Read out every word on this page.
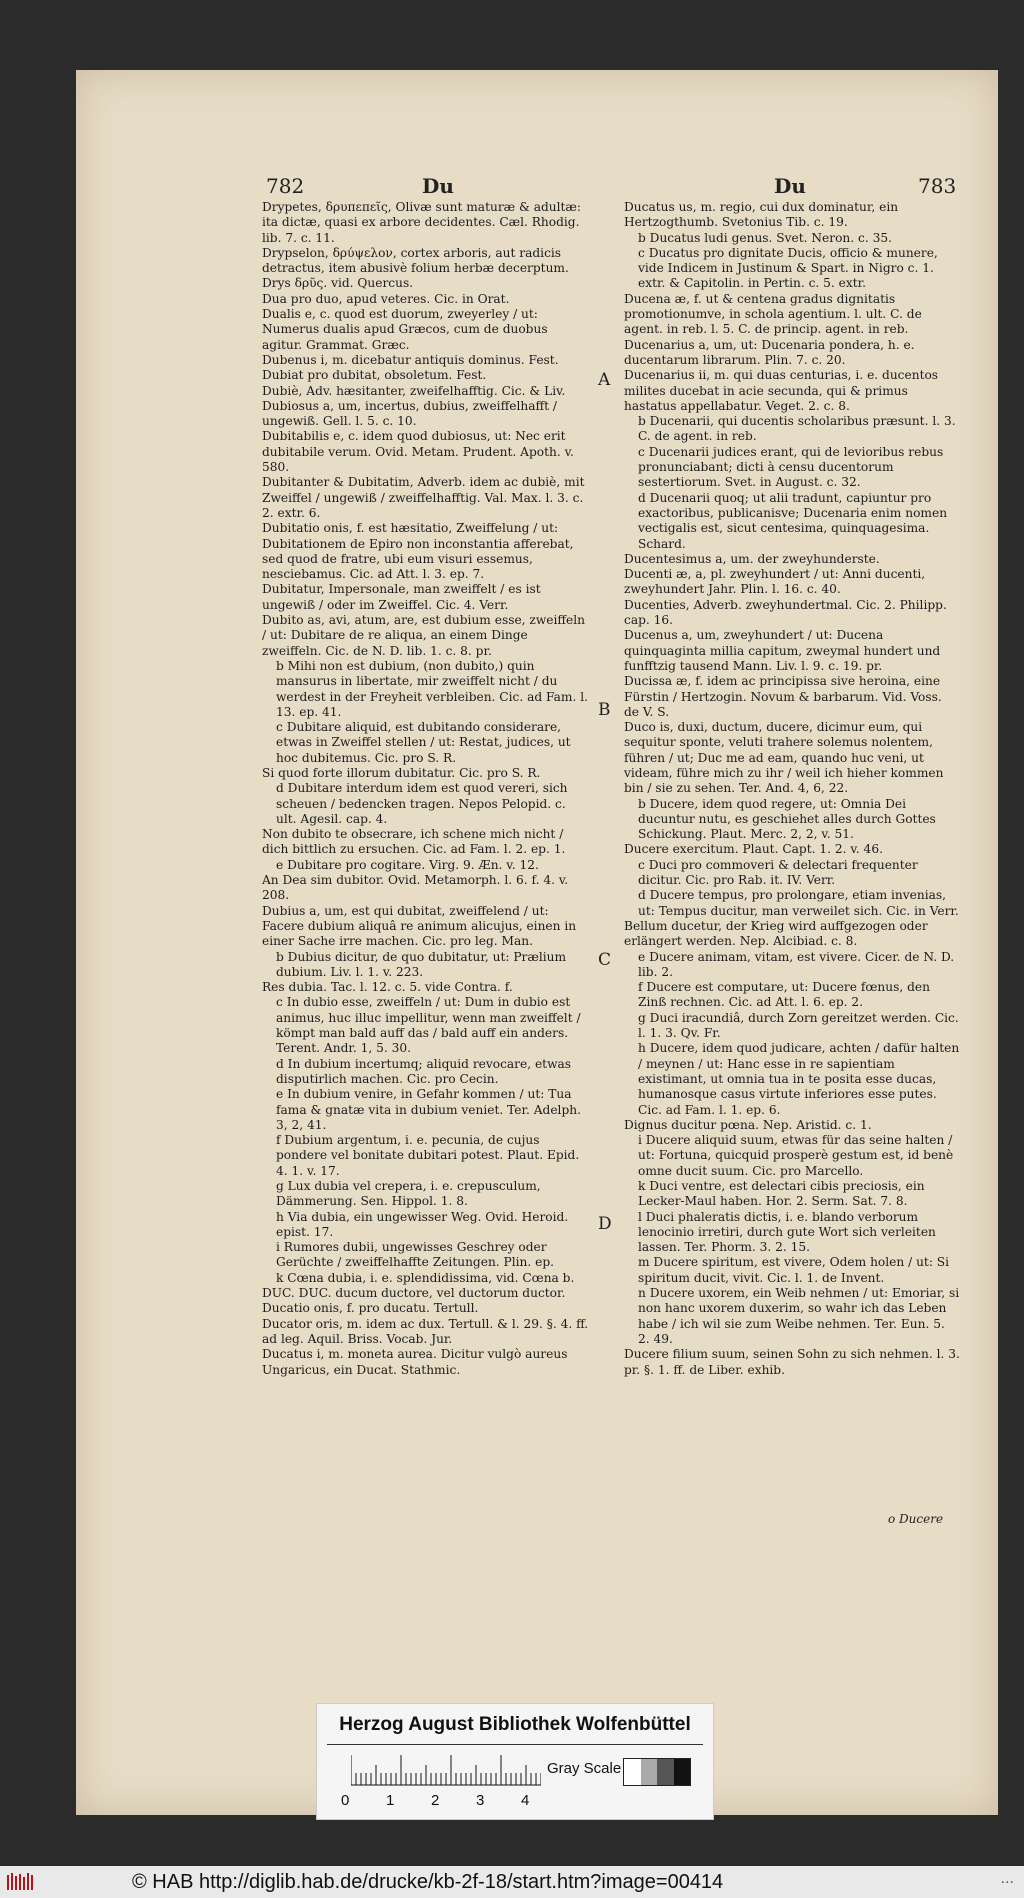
782	Du	Du	783

Drypetes, δρυπεπεῖς, Olivæ sunt maturæ & adultæ: ita dictæ, quasi ex arbore decidentes. Cæl. Rhodig. lib. 7. c. 11.

Drypselon, δρύψελον, cortex arboris, aut radicis detractus, item abusivè folium herbæ decerptum.

Drys δρῦς. vid. Quercus.

Dua pro duo, apud veteres. Cic. in Orat.

Dualis e, c. quod est duorum, zweyerley / ut: Numerus dualis apud Græcos, cum de duobus agitur. Grammat. Græc.

Dubenus i, m. dicebatur antiquis dominus. Fest.

Dubiat pro dubitat, obsoletum. Fest.

Dubiè, Adv. hæsitanter, zweifelhafftig. Cic. & Liv.

Dubiosus a, um, incertus, dubius, zweiffelhafft / ungewiß. Gell. l. 5. c. 10.

Dubitabilis e, c. idem quod dubiosus, ut: Nec erit dubitabile verum. Ovid. Metam. Prudent. Apoth. v. 580.

Dubitanter & Dubitatim, Adverb. idem ac dubiè, mit Zweiffel / ungewiß / zweiffelhafftig. Val. Max. l. 3. c. 2. extr. 6.

Dubitatio onis, f. est hæsitatio, Zweiffelung / ut: Dubitationem de Epiro non inconstantia afferebat, sed quod de fratre, ubi eum visuri essemus, nesciebamus. Cic. ad Att. l. 3. ep. 7.

Dubitatur, Impersonale, man zweiffelt / es ist ungewiß / oder im Zweiffel. Cic. 4. Verr.

Dubito as, avi, atum, are, est dubium esse, zweiffeln / ut: Dubitare de re aliqua, an einem Dinge zweiffeln. Cic. de N. D. lib. 1. c. 8. pr.

b Mihi non est dubium, (non dubito,) quin mansurus in libertate, mir zweiffelt nicht / du werdest in der Freyheit verbleiben. Cic. ad Fam. l. 13. ep. 41.

c Dubitare aliquid, est dubitando considerare, etwas in Zweiffel stellen / ut: Restat, judices, ut hoc dubitemus. Cic. pro S. R.

Si quod forte illorum dubitatur. Cic. pro S. R.

d Dubitare interdum idem est quod vereri, sich scheuen / bedencken tragen. Nepos Pelopid. c. ult. Agesil. cap. 4.

Non dubito te obsecrare, ich schene mich nicht / dich bittlich zu ersuchen. Cic. ad Fam. l. 2. ep. 1.

e Dubitare pro cogitare. Virg. 9. Æn. v. 12.

An Dea sim dubitor. Ovid. Metamorph. l. 6. f. 4. v. 208.

Dubius a, um, est qui dubitat, zweiffelend / ut: Facere dubium aliquâ re animum alicujus, einen in einer Sache irre machen. Cic. pro leg. Man.

b Dubius dicitur, de quo dubitatur, ut: Prælium dubium. Liv. l. 1. v. 223.

Res dubia. Tac. l. 12. c. 5. vide Contra. f.

c In dubio esse, zweiffeln / ut: Dum in dubio est animus, huc illuc impellitur, wenn man zweiffelt / kömpt man bald auff das / bald auff ein anders. Terent. Andr. 1, 5. 30.

d In dubium incertumq; aliquid revocare, etwas disputirlich machen. Cic. pro Cecin.

e In dubium venire, in Gefahr kommen / ut: Tua fama & gnatæ vita in dubium veniet. Ter. Adelph. 3, 2, 41.

f Dubium argentum, i. e. pecunia, de cujus pondere vel bonitate dubitari potest. Plaut. Epid. 4. 1. v. 17.

g Lux dubia vel crepera, i. e. crepusculum, Dämmerung. Sen. Hippol. 1. 8.

h Via dubia, ein ungewisser Weg. Ovid. Heroid. epist. 17.

i Rumores dubii, ungewisses Geschrey oder Gerüchte / zweiffelhaffte Zeitungen. Plin. ep.

k Cœna dubia, i. e. splendidissima, vid. Cœna b.

DUC. DUC. ducum ductore, vel ductorum ductor.

Ducatio onis, f. pro ducatu. Tertull.

Ducator oris, m. idem ac dux. Tertull. & l. 29. §. 4. ff. ad leg. Aquil. Briss. Vocab. Jur.

Ducatus i, m. moneta aurea. Dicitur vulgò aureus Ungaricus, ein Ducat. Stathmic.

Ducatus us, m. regio, cui dux dominatur, ein Hertzogthumb. Svetonius Tib. c. 19.

b Ducatus ludi genus. Svet. Neron. c. 35.

c Ducatus pro dignitate Ducis, officio & munere, vide Indicem in Justinum & Spart. in Nigro c. 1. extr. & Capitolin. in Pertin. c. 5. extr.

Ducena æ, f. ut & centena gradus dignitatis promotionumve, in schola agentium. l. ult. C. de agent. in reb. l. 5. C. de princip. agent. in reb.

Ducenarius a, um, ut: Ducenaria pondera, h. e. ducentarum librarum. Plin. 7. c. 20.

Ducenarius ii, m. qui duas centurias, i. e. ducentos milites ducebat in acie secunda, qui & primus hastatus appellabatur. Veget. 2. c. 8.

b Ducenarii, qui ducentis scholaribus præsunt. l. 3. C. de agent. in reb.

c Ducenarii judices erant, qui de levioribus rebus pronunciabant; dicti à censu ducentorum sestertiorum. Svet. in August. c. 32.

d Ducenarii quoq; ut alii tradunt, capiuntur pro exactoribus, publicanisve; Ducenaria enim nomen vectigalis est, sicut centesima, quinquagesima. Schard.

Ducentesimus a, um. der zweyhunderste.

Ducenti æ, a, pl. zweyhundert / ut: Anni ducenti, zweyhundert Jahr. Plin. l. 16. c. 40.

Ducenties, Adverb. zweyhundertmal. Cic. 2. Philipp. cap. 16.

Ducenus a, um, zweyhundert / ut: Ducena quinquaginta millia capitum, zweymal hundert und funfftzig tausend Mann. Liv. l. 9. c. 19. pr.

Ducissa æ, f. idem ac principissa sive heroina, eine Fürstin / Hertzogin. Novum & barbarum. Vid. Voss. de V. S.

Duco is, duxi, ductum, ducere, dicimur eum, qui sequitur sponte, veluti trahere solemus nolentem, führen / ut; Duc me ad eam, quando huc veni, ut videam, führe mich zu ihr / weil ich hieher kommen bin / sie zu sehen. Ter. And. 4, 6, 22.

b Ducere, idem quod regere, ut: Omnia Dei ducuntur nutu, es geschiehet alles durch Gottes Schickung. Plaut. Merc. 2, 2, v. 51.

Ducere exercitum. Plaut. Capt. 1. 2. v. 46.

c Duci pro commoveri & delectari frequenter dicitur. Cic. pro Rab. it. IV. Verr.

d Ducere tempus, pro prolongare, etiam invenias, ut: Tempus ducitur, man verweilet sich. Cic. in Verr.

Bellum ducetur, der Krieg wird auffgezogen oder erlängert werden. Nep. Alcibiad. c. 8.

e Ducere animam, vitam, est vivere. Cicer. de N. D. lib. 2.

f Ducere est computare, ut: Ducere fœnus, den Zinß rechnen. Cic. ad Att. l. 6. ep. 2.

g Duci iracundiâ, durch Zorn gereitzet werden. Cic. l. 1. 3. Qv. Fr.

h Ducere, idem quod judicare, achten / dafür halten / meynen / ut: Hanc esse in re sapientiam existimant, ut omnia tua in te posita esse ducas, humanosque casus virtute inferiores esse putes. Cic. ad Fam. l. 1. ep. 6.

Dignus ducitur pœna. Nep. Aristid. c. 1.

i Ducere aliquid suum, etwas für das seine halten / ut: Fortuna, quicquid prosperè gestum est, id benè omne ducit suum. Cic. pro Marcello.

k Duci ventre, est delectari cibis preciosis, ein Lecker-Maul haben. Hor. 2. Serm. Sat. 7. 8.

l Duci phaleratis dictis, i. e. blando verborum lenocinio irretiri, durch gute Wort sich verleiten lassen. Ter. Phorm. 3. 2. 15.

m Ducere spiritum, est vivere, Odem holen / ut: Si spiritum ducit, vivit. Cic. l. 1. de Invent.

n Ducere uxorem, ein Weib nehmen / ut: Emoriar, si non hanc uxorem duxerim, so wahr ich das Leben habe / ich wil sie zum Weibe nehmen. Ter. Eun. 5. 2. 49.

Ducere filium suum, seinen Sohn zu sich nehmen. l. 3. pr. §. 1. ff. de Liber. exhib.

A
B
C
D
o Ducere
Herzog August Bibliothek Wolfenbüttel
0 1 2 3 4
Gray Scale
© HAB http://diglib.hab.de/drucke/kb-2f-18/start.htm?image=00414	...
